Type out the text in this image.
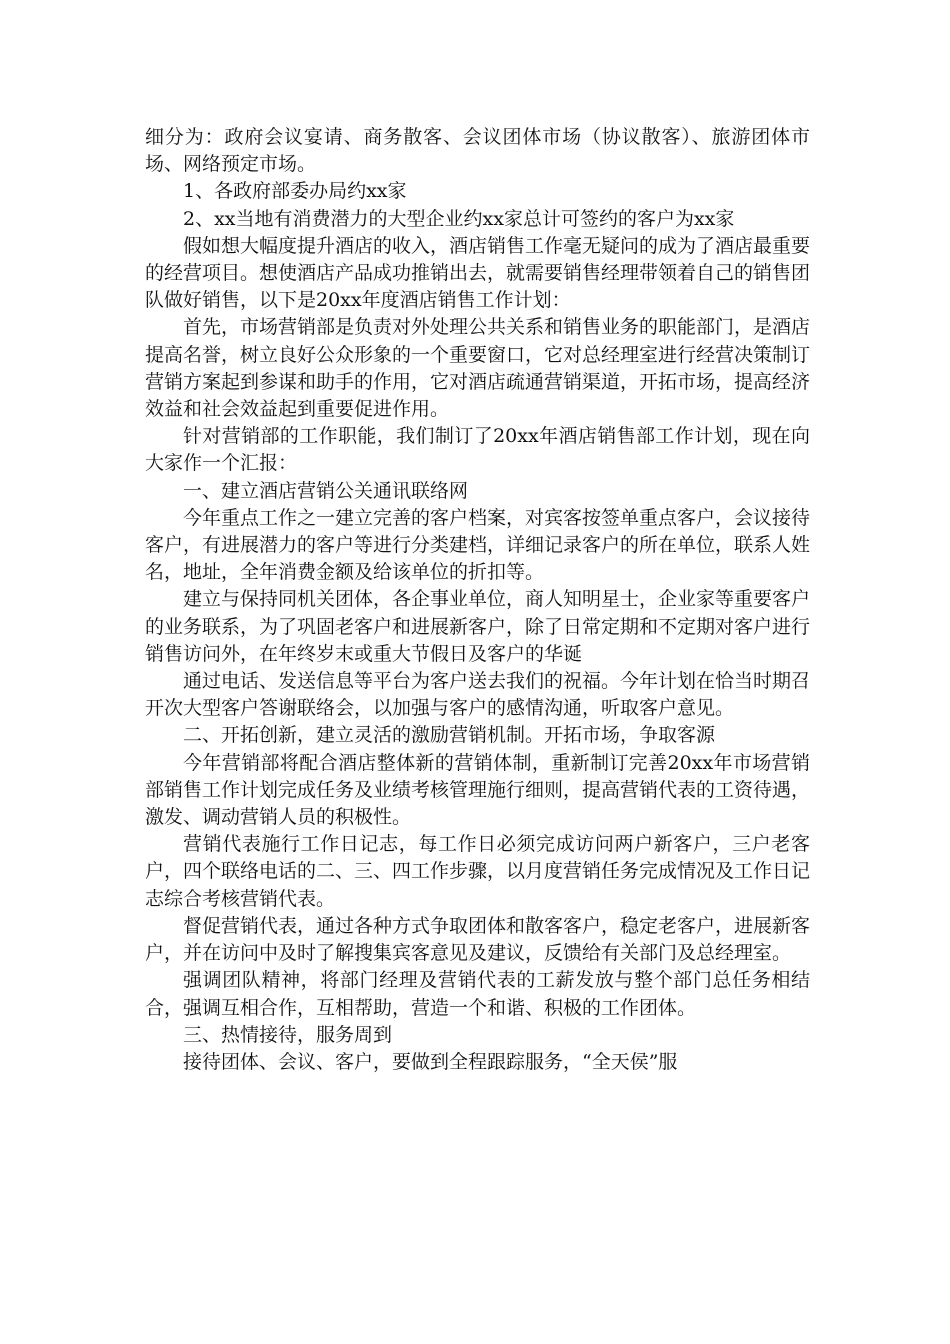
细分为：政府会议宴请、商务散客、会议团体市场（协议散客）、旅游团体市场、网络预定市场。

1、各政府部委办局约xx家

2、xx当地有消费潜力的大型企业约xx家总计可签约的客户为xx家

假如想大幅度提升酒店的收入，酒店销售工作毫无疑问的成为了酒店最重要的经营项目。想使酒店产品成功推销出去，就需要销售经理带领着自己的销售团队做好销售，以下是20xx年度酒店销售工作计划：

首先，市场营销部是负责对外处理公共关系和销售业务的职能部门，是酒店提高名誉，树立良好公众形象的一个重要窗口，它对总经理室进行经营决策制订营销方案起到参谋和助手的作用，它对酒店疏通营销渠道，开拓市场，提高经济效益和社会效益起到重要促进作用。

针对营销部的工作职能，我们制订了20xx年酒店销售部工作计划，现在向大家作一个汇报：

一、建立酒店营销公关通讯联络网

今年重点工作之一建立完善的客户档案，对宾客按签单重点客户，会议接待客户，有进展潜力的客户等进行分类建档，详细记录客户的所在单位，联系人姓名，地址，全年消费金额及给该单位的折扣等。

建立与保持同机关团体，各企事业单位，商人知明星士，企业家等重要客户的业务联系，为了巩固老客户和进展新客户，除了日常定期和不定期对客户进行销售访问外，在年终岁末或重大节假日及客户的华诞

通过电话、发送信息等平台为客户送去我们的祝福。今年计划在恰当时期召开次大型客户答谢联络会，以加强与客户的感情沟通，听取客户意见。

二、开拓创新，建立灵活的激励营销机制。开拓市场，争取客源

今年营销部将配合酒店整体新的营销体制，重新制订完善20xx年市场营销部销售工作计划完成任务及业绩考核管理施行细则，提高营销代表的工资待遇，激发、调动营销人员的积极性。

营销代表施行工作日记志，每工作日必须完成访问两户新客户，三户老客户，四个联络电话的二、三、四工作步骤，以月度营销任务完成情况及工作日记志综合考核营销代表。

督促营销代表，通过各种方式争取团体和散客客户，稳定老客户，进展新客户，并在访问中及时了解搜集宾客意见及建议，反馈给有关部门及总经理室。

强调团队精神，将部门经理及营销代表的工薪发放与整个部门总任务相结合，强调互相合作，互相帮助，营造一个和谐、积极的工作团体。

三、热情接待，服务周到

接待团体、会议、客户，要做到全程跟踪服务，“全天侯”服
